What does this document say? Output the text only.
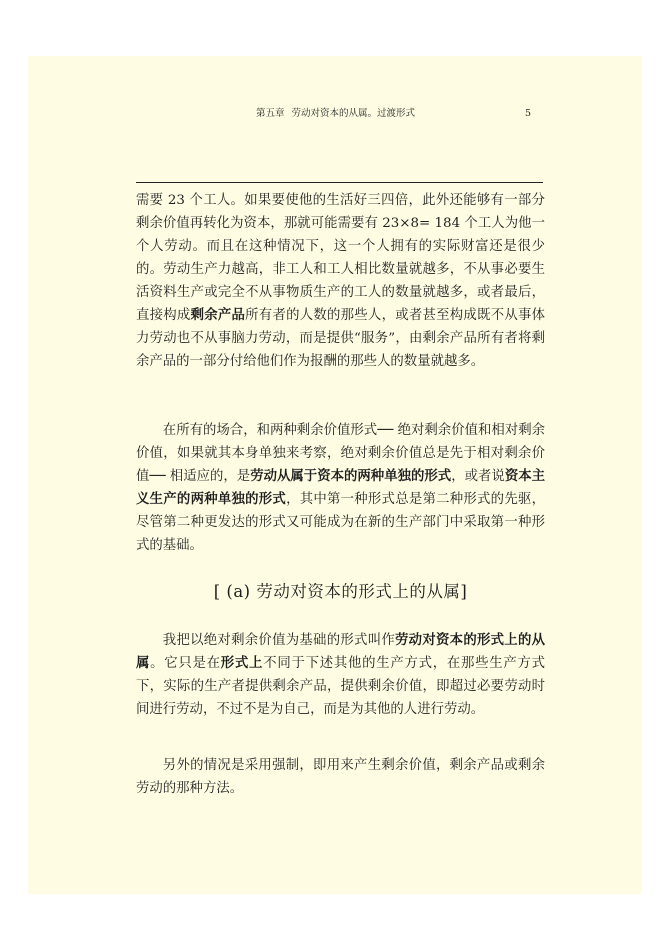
第五章 劳动对资本的从属。过渡形式	5

需要 23 个工人。如果要使他的生活好三四倍，此外还能够有一部分剩余价值再转化为资本，那就可能需要有 23×8= 184 个工人为他一个人劳动。而且在这种情况下，这一个人拥有的实际财富还是很少的。劳动生产力越高，非工人和工人相比数量就越多，不从事必要生活资料生产或完全不从事物质生产的工人的数量就越多，或者最后，直接构成剩余产品所有者的人数的那些人，或者甚至构成既不从事体力劳动也不从事脑力劳动，而是提供“服务”，由剩余产品所有者将剩余产品的一部分付给他们作为报酬的那些人的数量就越多。

在所有的场合，和两种剩余价值形式── 绝对剩余价值和相对剩余价值，如果就其本身单独来考察，绝对剩余价值总是先于相对剩余价值── 相适应的，是劳动从属于资本的两种单独的形式，或者说资本主义生产的两种单独的形式，其中第一种形式总是第二种形式的先驱，尽管第二种更发达的形式又可能成为在新的生产部门中采取第一种形式的基础。

[ (a) 劳动对资本的形式上的从属]

我把以绝对剩余价值为基础的形式叫作劳动对资本的形式上的从属。它只是在形式上不同于下述其他的生产方式，在那些生产方式下，实际的生产者提供剩余产品，提供剩余价值，即超过必要劳动时间进行劳动，不过不是为自己，而是为其他的人进行劳动。

另外的情况是采用强制，即用来产生剩余价值，剩余产品或剩余劳动的那种方法。
